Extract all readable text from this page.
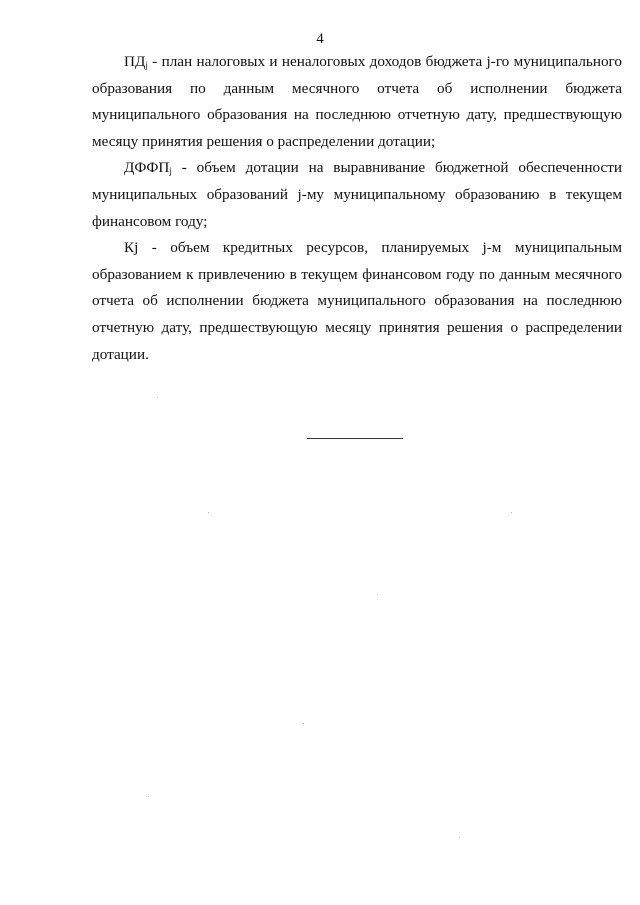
4

$ПД_j$ - план налоговых и неналоговых доходов бюджета j-го муниципального образования по данным месячного отчета об исполнении бюджета муниципального образования на последнюю отчетную дату, предшествующую месяцу принятия решения о распределении дотации;

$ДФФП_j$ - объем дотации на выравнивание бюджетной обеспеченности муниципальных образований j-му муниципальному образованию в текущем финансовом году;

Кj - объем кредитных ресурсов, планируемых j-м муниципальным образованием к привлечению в текущем финансовом году по данным месячного отчета об исполнении бюджета муниципального образования на последнюю отчетную дату, предшествующую месяцу принятия решения о распределении дотации.
